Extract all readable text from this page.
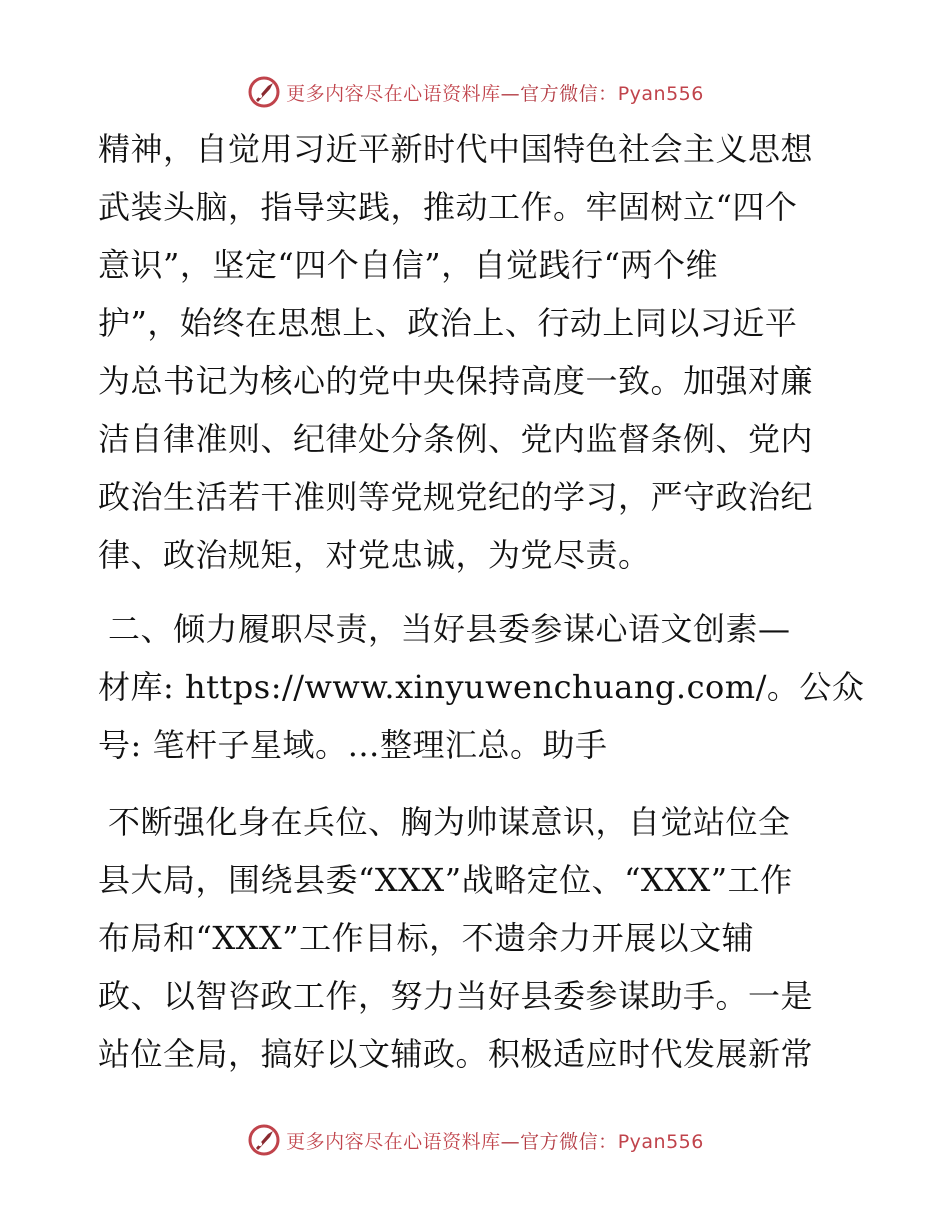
更多内容尽在心语资料库—官方微信：Pyan556
精神，自觉用习近平新时代中国特色社会主义思想
武装头脑，指导实践，推动工作。牢固树立“四个
意识”，坚定“四个自信”，自觉践行“两个维
护”，始终在思想上、政治上、行动上同以习近平
为总书记为核心的党中央保持高度一致。加强对廉
洁自律准则、纪律处分条例、党内监督条例、党内
政治生活若干准则等党规党纪的学习，严守政治纪
律、政治规矩，对党忠诚，为党尽责。
二、倾力履职尽责，当好县委参谋心语文创素—
材库: https://www.xinyuwenchuang.com/。公众
号: 笔杆子星域。…整理汇总。助手
不断强化身在兵位、胸为帅谋意识，自觉站位全
县大局，围绕县委“XXX”战略定位、“XXX”工作
布局和“XXX”工作目标，不遗余力开展以文辅
政、以智咨政工作，努力当好县委参谋助手。一是
站位全局，搞好以文辅政。积极适应时代发展新常
更多内容尽在心语资料库—官方微信：Pyan556
